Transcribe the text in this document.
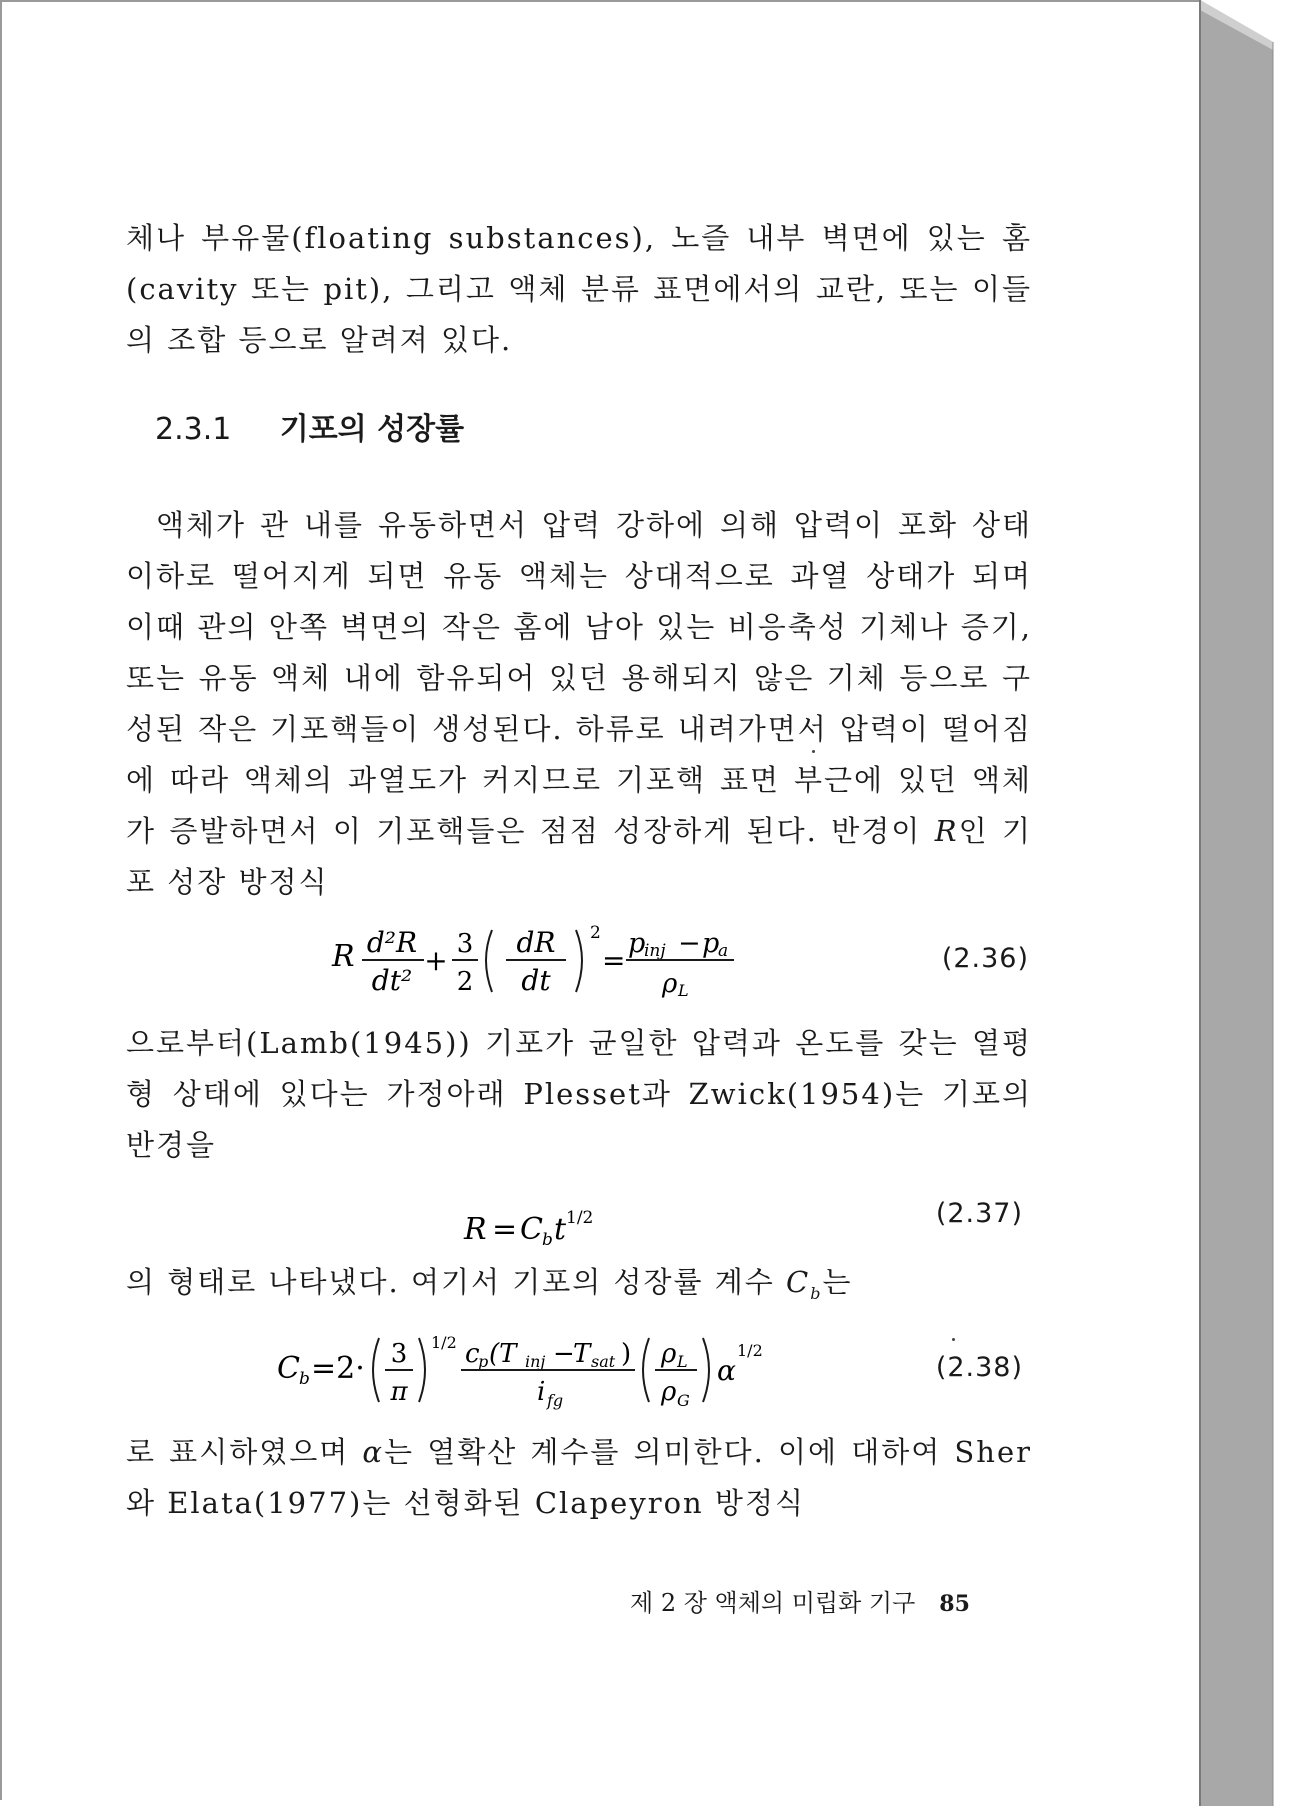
체나 부유물(floating substances), 노즐 내부 벽면에 있는 홈 (cavity 또는 pit), 그리고 액체 분류 표면에서의 교란, 또는 이들의 조합 등으로 알려져 있다.

2.3.1 기포의 성장률

액체가 관 내를 유동하면서 압력 강하에 의해 압력이 포화 상태 이하로 떨어지게 되면 유동 액체는 상대적으로 과열 상태가 되며 이때 관의 안쪽 벽면의 작은 홈에 남아 있는 비응축성 기체나 증기, 또는 유동 액체 내에 함유되어 있던 용해되지 않은 기체 등으로 구성된 작은 기포핵들이 생성된다. 하류로 내려가면서 압력이 떨어짐에 따라 액체의 과열도가 커지므로 기포핵 표면 부근에 있던 액체가 증발하면서 이 기포핵들은 점점 성장하게 된다. 반경이 R인 기포 성장 방정식

R d²R
dt²
+ 3
2
dR
dt
2
=
p
inj − p
a
ρ L
(2.36)

으로부터(Lamb(1945)) 기포가 균일한 압력과 온도를 갖는 열평형 상태에 있다는 가정아래 Plesset과 Zwick(1954)는 기포의 반경을

R = C b t 1/2	(2.37)

의 형태로 나타냈다. 여기서 기포의 성장률 계수 $C_b$는

C b =2· 3
π
1/2 c
p (T inj −
T sat )
i fg
ρ L
ρ G
α
1/2
(2.38)

로 표시하였으며 α는 열확산 계수를 의미한다. 이에 대하여 Sher와 Elata(1977)는 선형화된 Clapeyron 방정식

제 2 장 액체의 미립화 기구 85
